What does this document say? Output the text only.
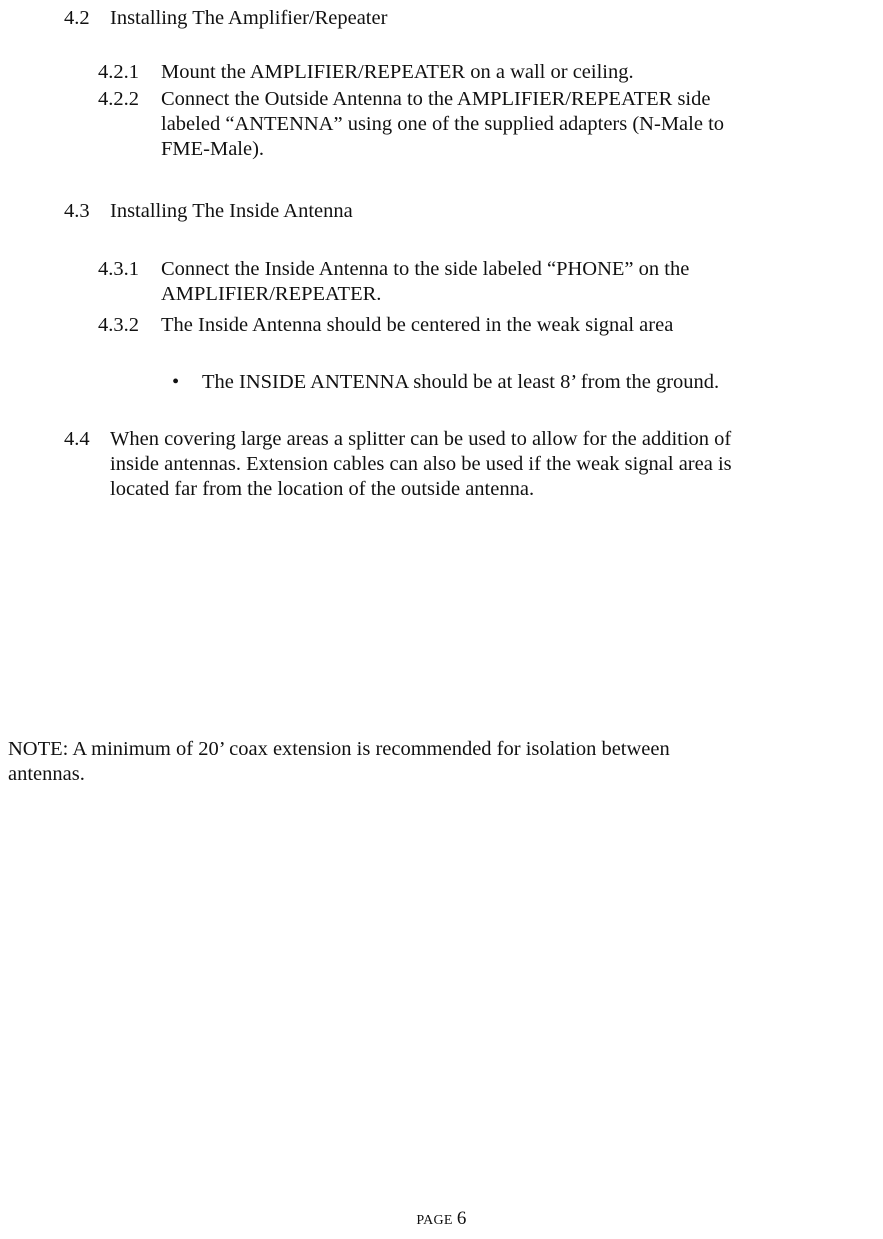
4.2 Installing The Amplifier/Repeater
4.2.1	Mount the AMPLIFIER/REPEATER on a wall or ceiling.
4.2.2	Connect the Outside Antenna to the AMPLIFIER/REPEATER side
labeled “ANTENNA” using one of the supplied adapters (N-Male to
FME-Male).
4.3 Installing The Inside Antenna
4.3.1	Connect the Inside Antenna to the side labeled “PHONE” on the
AMPLIFIER/REPEATER.
4.3.2	The Inside Antenna should be centered in the weak signal area
•	The INSIDE ANTENNA should be at least 8’ from the ground.
4.4 When covering large areas a splitter can be used to allow for the addition of
inside antennas. Extension cables can also be used if the weak signal area is
located far from the location of the outside antenna.
NOTE: A minimum of 20’ coax extension is recommended for isolation between
antennas.
PAGE 6
